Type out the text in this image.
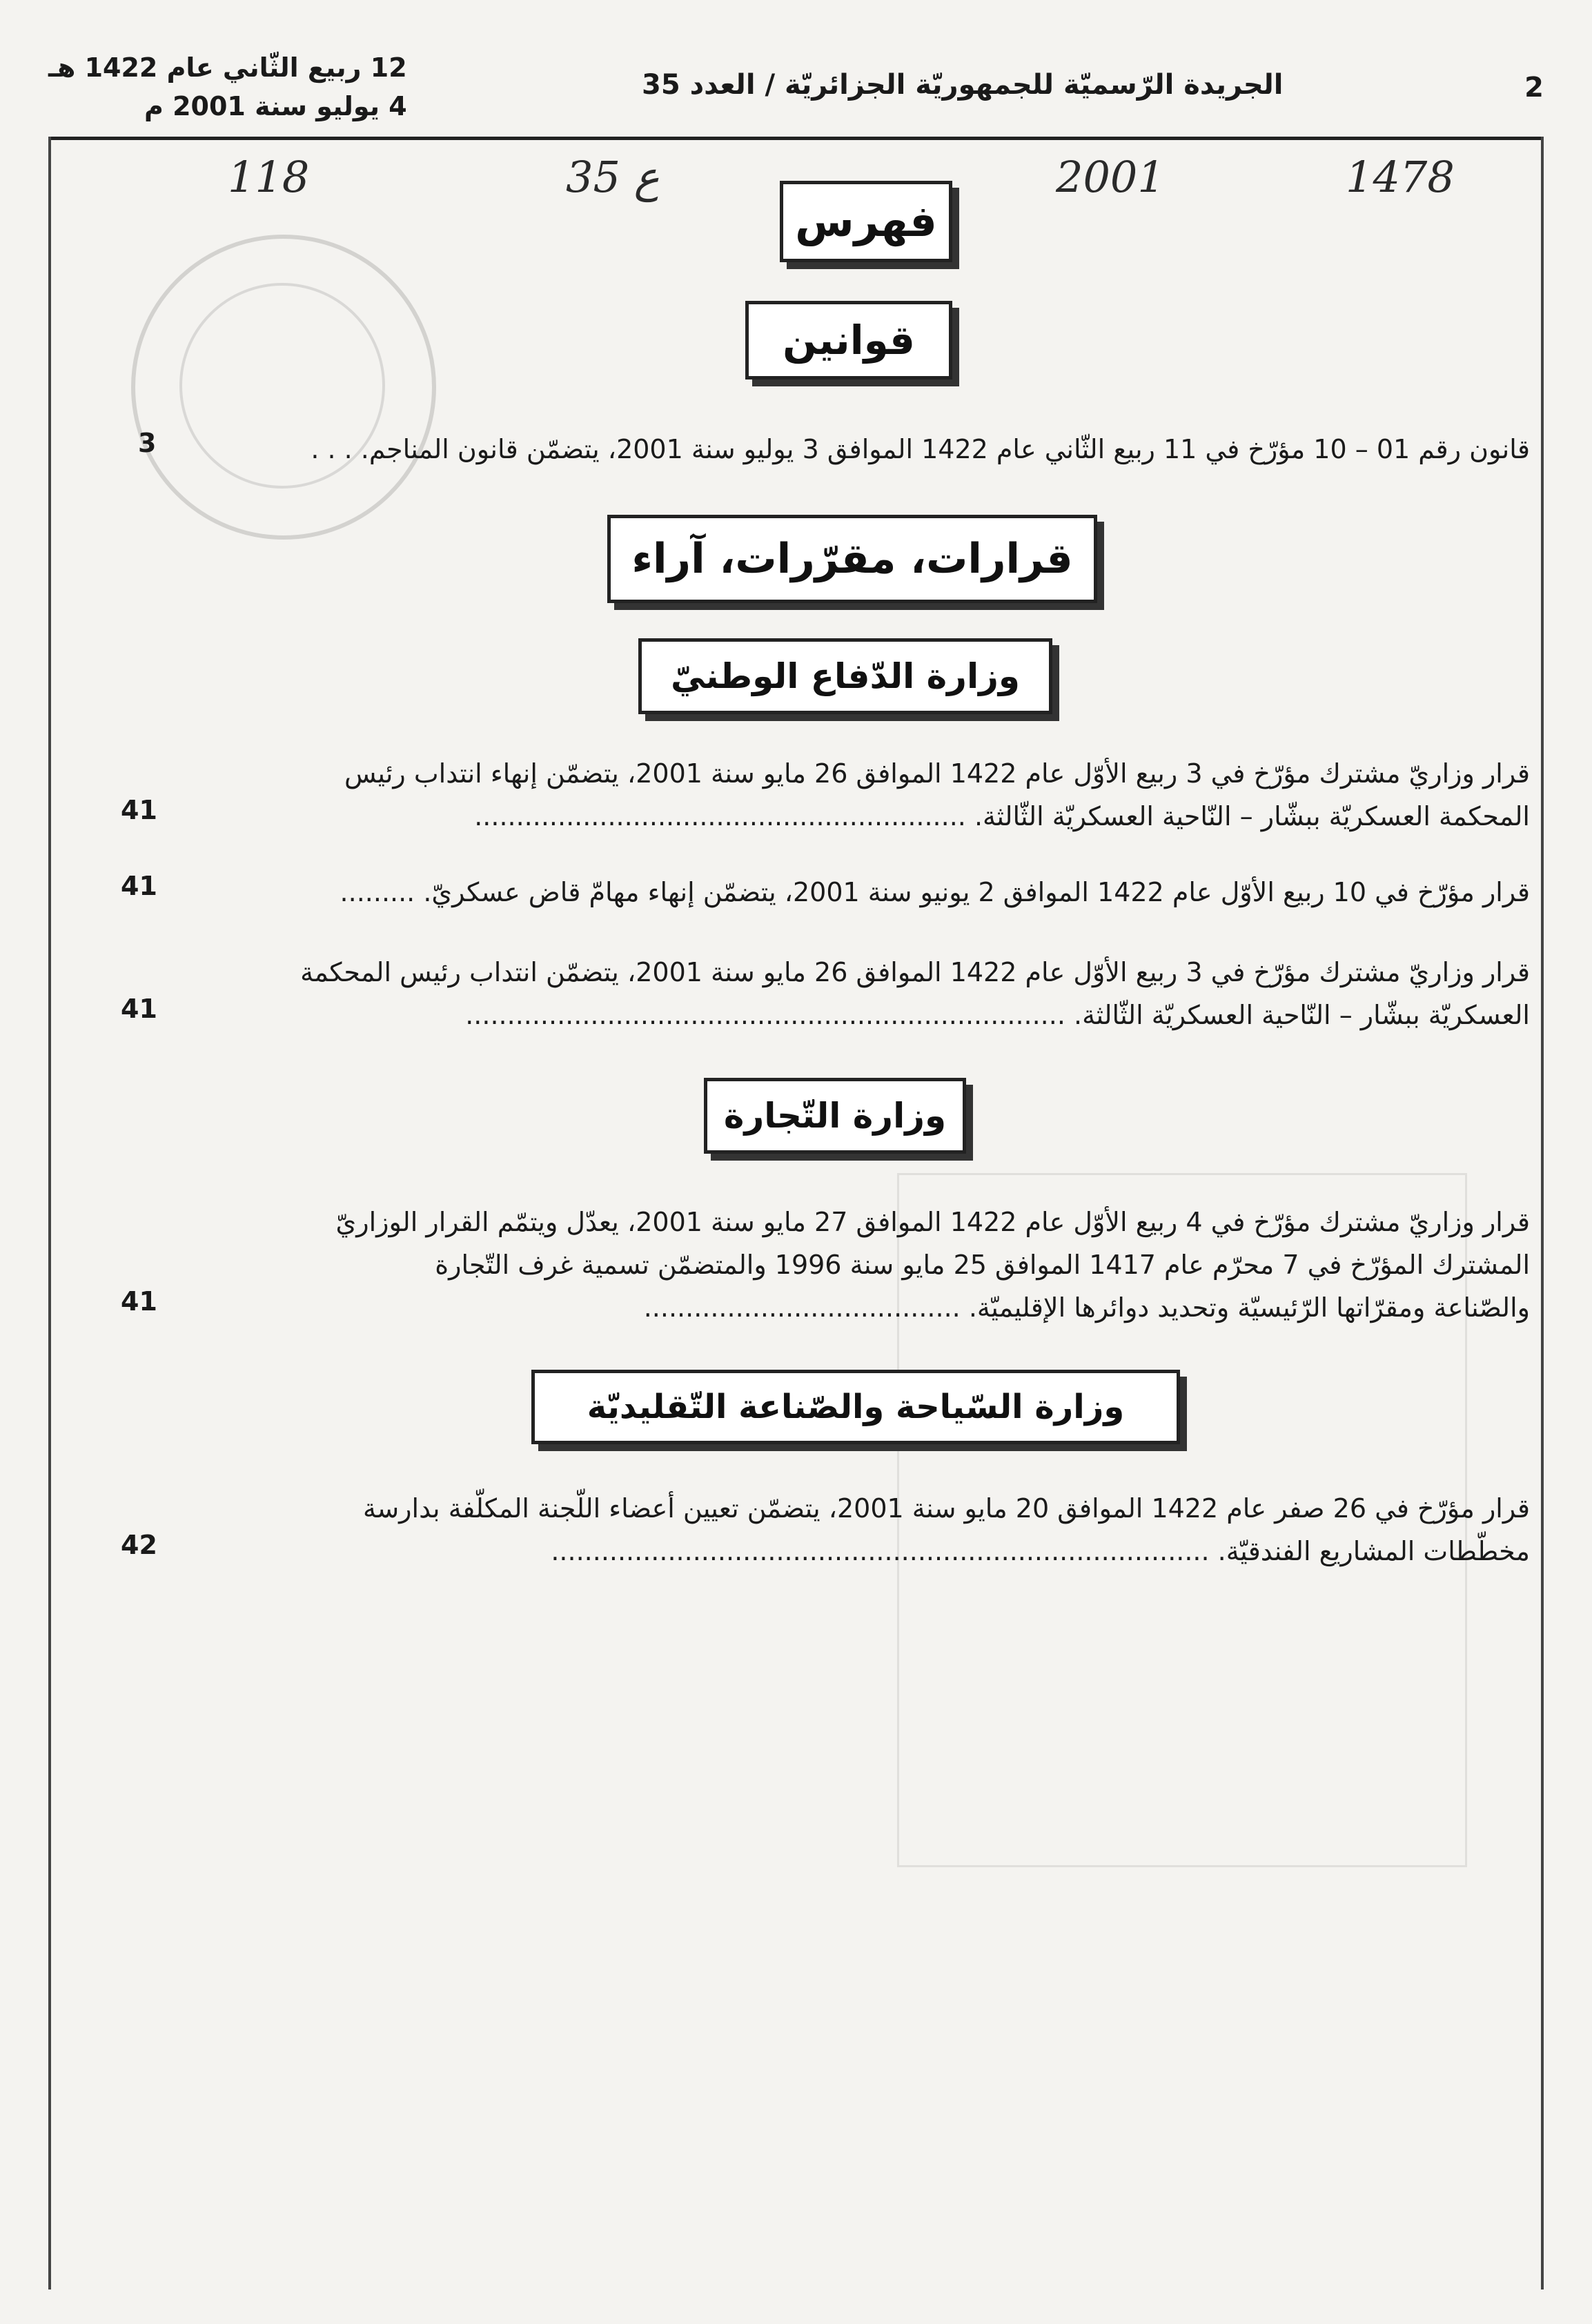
12 ربيع الثّاني عام 1422 هـ
4 يوليو سنة 2001 م
الجريدة الرّسميّة للجمهوريّة الجزائريّة / العدد 35	2
1478
2001
35 ع
118
فهرس
قوانين
قانون رقم 01 – 10 مؤرّخ في 11 ربيع الثّاني عام 1422 الموافق 3 يوليو سنة 2001، يتضمّن قانون المناجم. . . .
3
قرارات، مقرّرات، آراء
وزارة الدّفاع الوطنيّ
قرار وزاريّ مشترك مؤرّخ في 3 ربيع الأوّل عام 1422 الموافق 26 مايو سنة 2001، يتضمّن إنهاء انتداب رئيس
المحكمة العسكريّة ببشّار – النّاحية العسكريّة الثّالثة. ...........................................................
41
قرار مؤرّخ في 10 ربيع الأوّل عام 1422 الموافق 2 يونيو سنة 2001، يتضمّن إنهاء مهامّ قاض عسكريّ. .........
41
قرار وزاريّ مشترك مؤرّخ في 3 ربيع الأوّل عام 1422 الموافق 26 مايو سنة 2001، يتضمّن انتداب رئيس المحكمة
العسكريّة ببشّار – النّاحية العسكريّة الثّالثة. ........................................................................
41
وزارة التّجارة
قرار وزاريّ مشترك مؤرّخ في 4 ربيع الأوّل عام 1422 الموافق 27 مايو سنة 2001، يعدّل ويتمّم القرار الوزاريّ
المشترك المؤرّخ في 7 محرّم عام 1417 الموافق 25 مايو سنة 1996 والمتضمّن تسمية غرف التّجارة
والصّناعة ومقرّاتها الرّئيسيّة وتحديد دوائرها الإقليميّة. ......................................
41
وزارة السّياحة والصّناعة التّقليديّة
قرار مؤرّخ في 26 صفر عام 1422 الموافق 20 مايو سنة 2001، يتضمّن تعيين أعضاء اللّجنة المكلّفة بدارسة
مخطّطات المشاريع الفندقيّة. ...............................................................................
42
